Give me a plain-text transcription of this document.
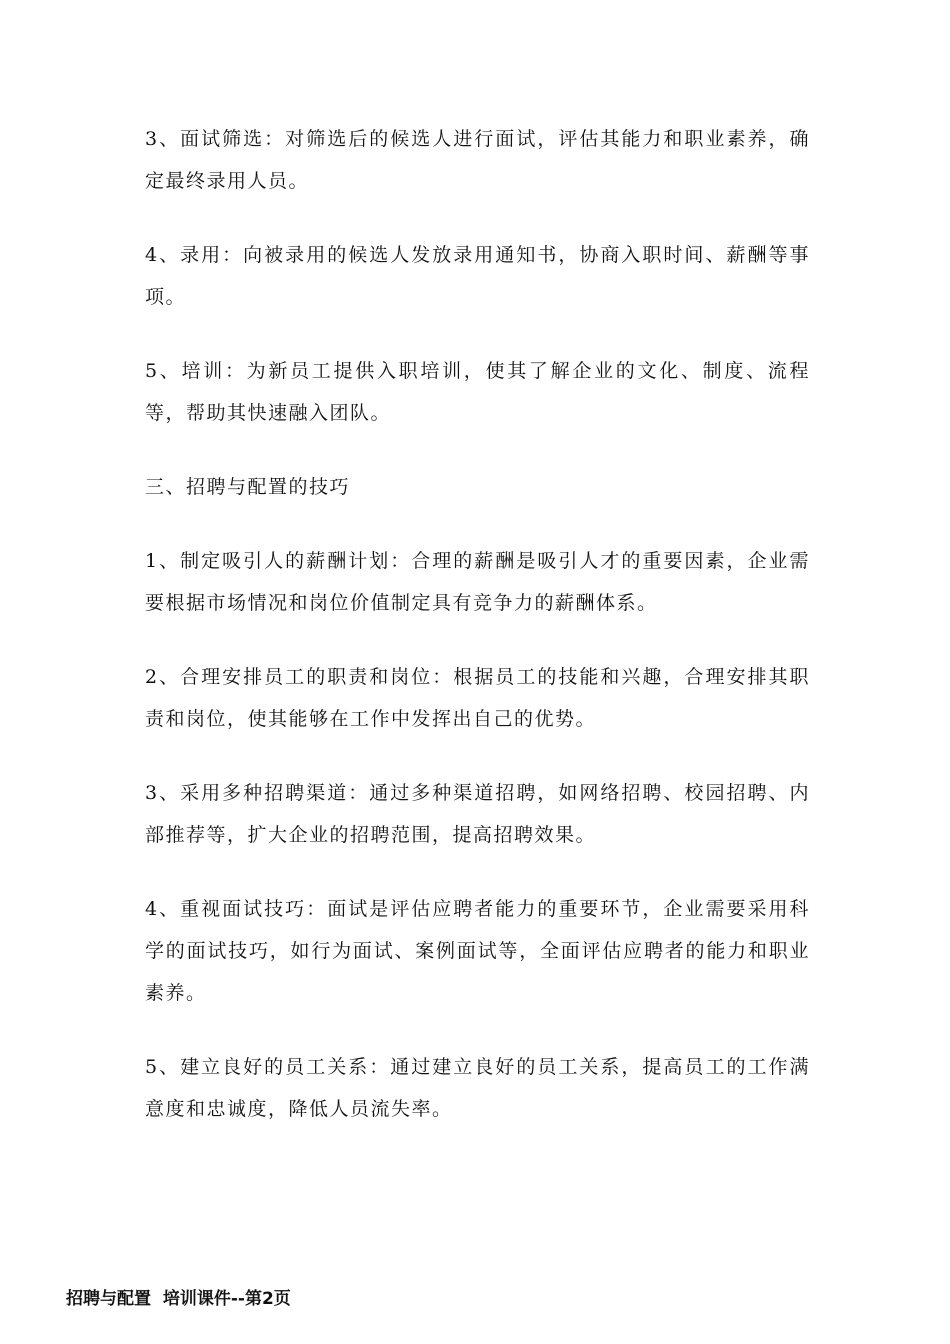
3、面试筛选：对筛选后的候选人进行面试，评估其能力和职业素养，确定最终录用人员。

4、录用：向被录用的候选人发放录用通知书，协商入职时间、薪酬等事项。

5、培训：为新员工提供入职培训，使其了解企业的文化、制度、流程等，帮助其快速融入团队。

三、招聘与配置的技巧

1、制定吸引人的薪酬计划：合理的薪酬是吸引人才的重要因素，企业需要根据市场情况和岗位价值制定具有竞争力的薪酬体系。

2、合理安排员工的职责和岗位：根据员工的技能和兴趣，合理安排其职责和岗位，使其能够在工作中发挥出自己的优势。

3、采用多种招聘渠道：通过多种渠道招聘，如网络招聘、校园招聘、内部推荐等，扩大企业的招聘范围，提高招聘效果。

4、重视面试技巧：面试是评估应聘者能力的重要环节，企业需要采用科学的面试技巧，如行为面试、案例面试等，全面评估应聘者的能力和职业素养。

5、建立良好的员工关系：通过建立良好的员工关系，提高员工的工作满意度和忠诚度，降低人员流失率。

招聘与配置  培训课件--第2页
